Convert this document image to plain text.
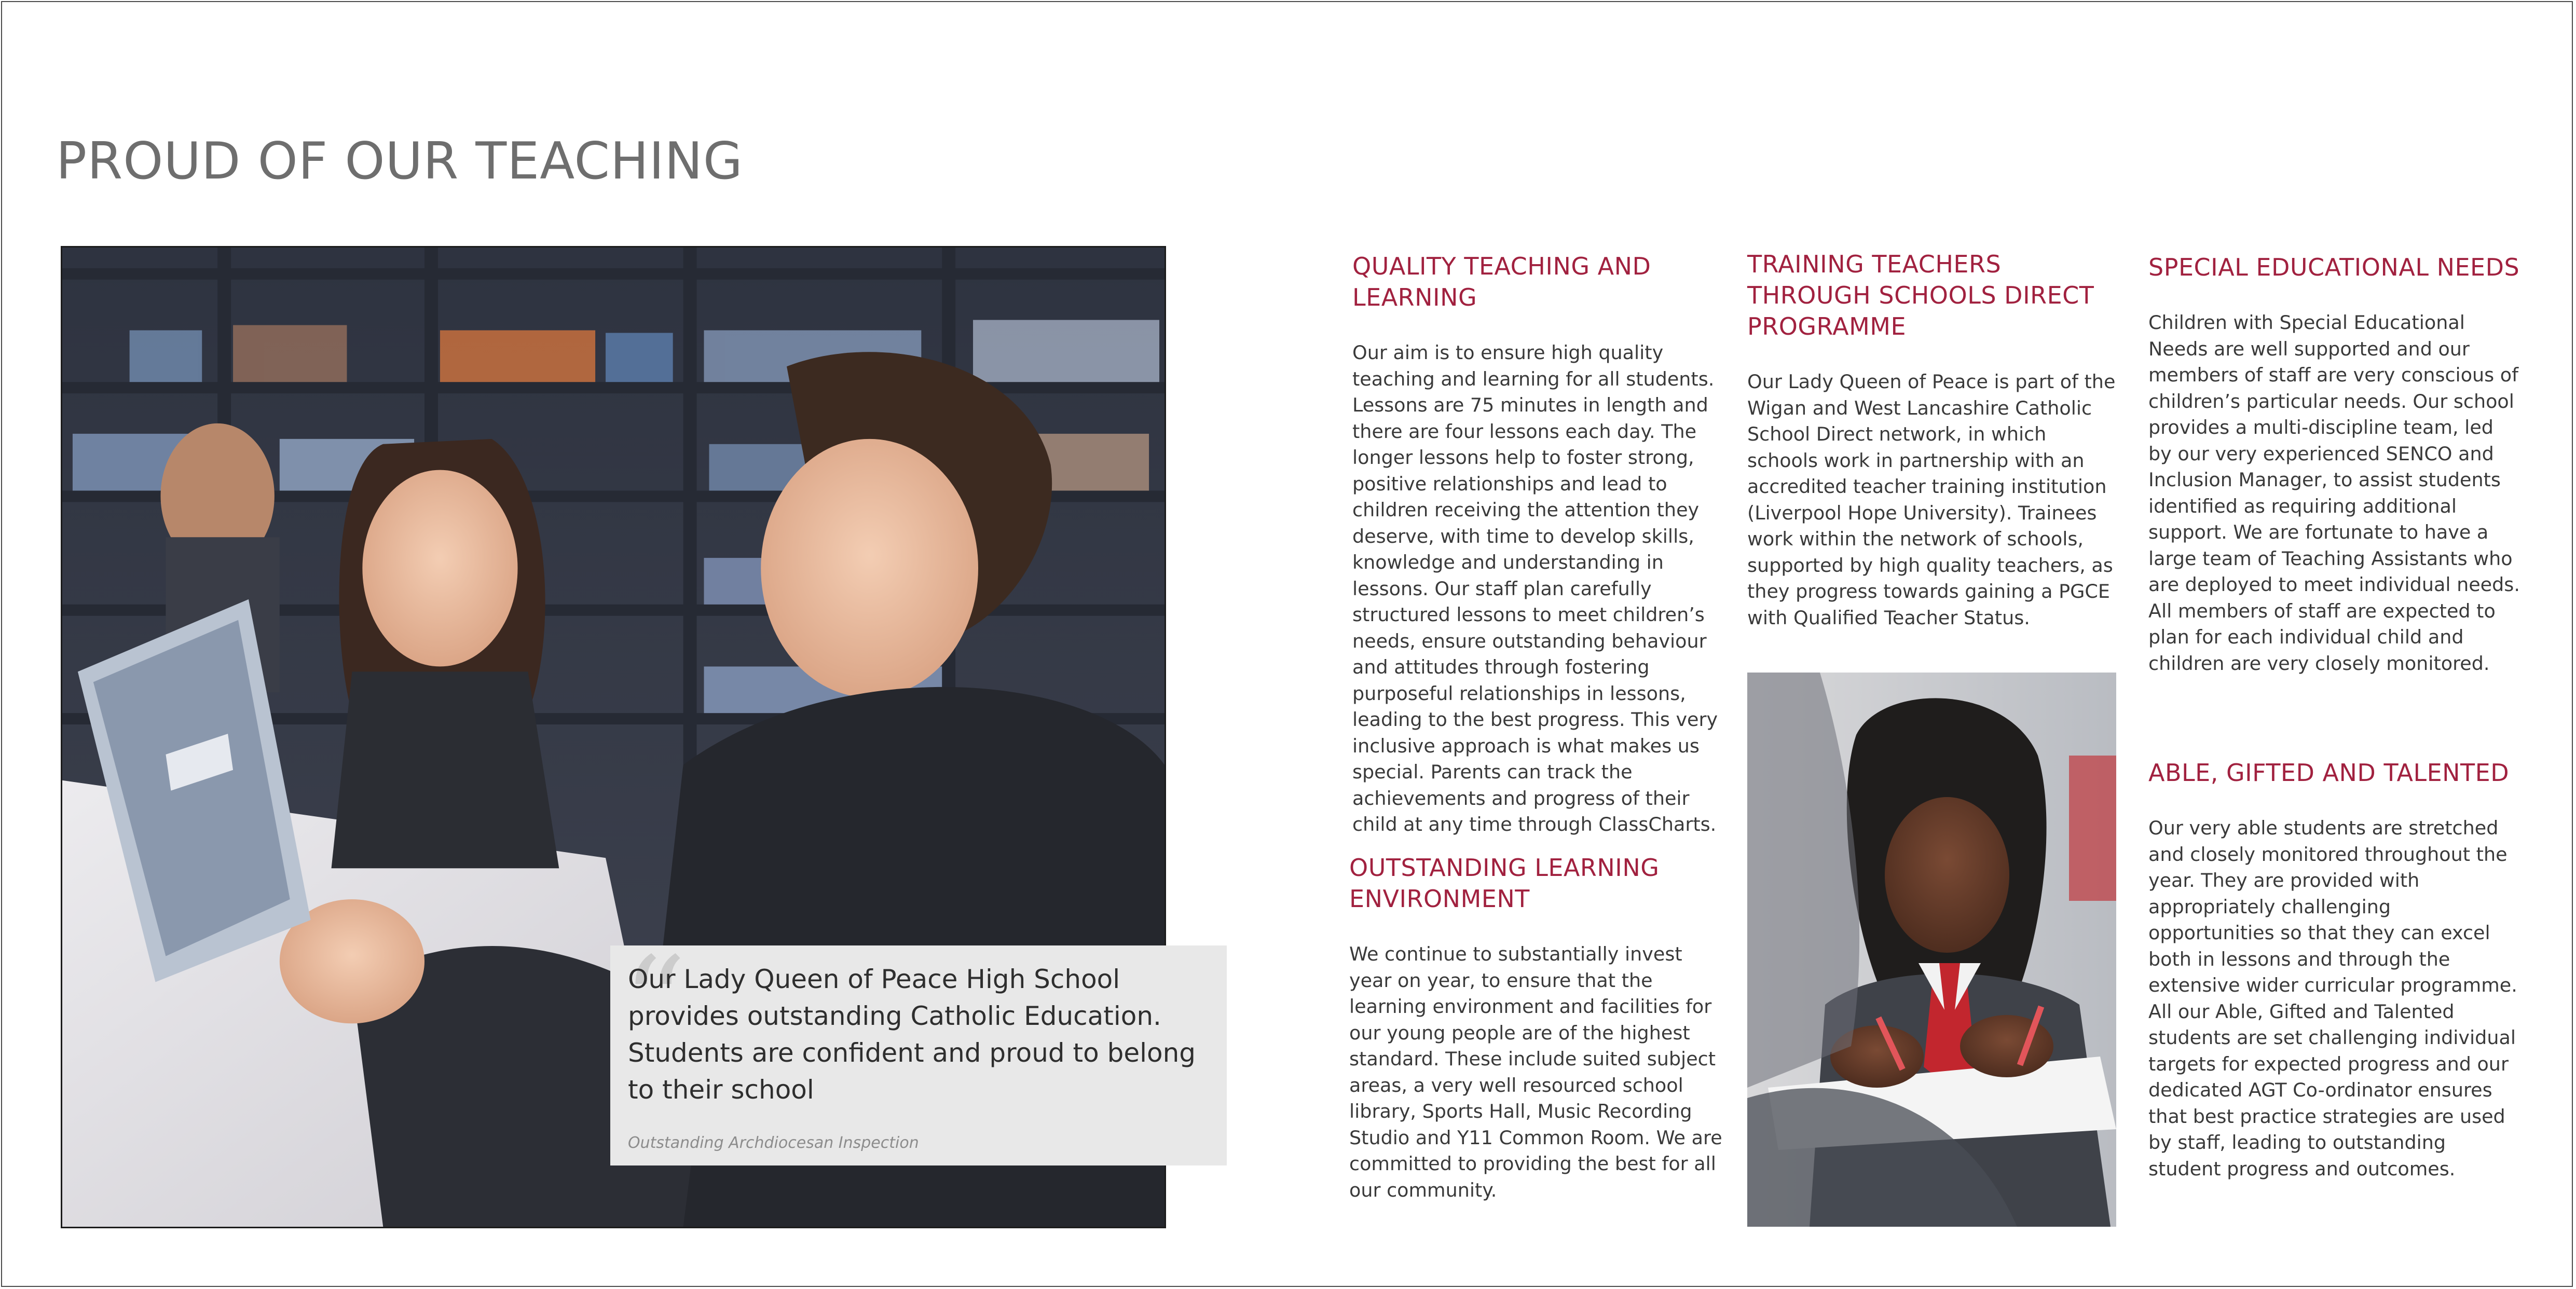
PROUD OF OUR TEACHING
“

Our Lady Queen of Peace High School provides outstanding Catholic Education. Students are confident and proud to belong to their school

Outstanding Archdiocesan Inspection

QUALITY TEACHING AND LEARNING

Our aim is to ensure high quality teaching and learning for all students. Lessons are 75 minutes in length and there are four lessons each day. The longer lessons help to foster strong, positive relationships and lead to children receiving the attention they deserve, with time to develop skills, knowledge and understanding in lessons. Our staff plan carefully structured lessons to meet children’s needs, ensure outstanding behaviour and attitudes through fostering purposeful relationships in lessons, leading to the best progress. This very inclusive approach is what makes us special. Parents can track the achievements and progress of their child at any time through ClassCharts.

OUTSTANDING LEARNING ENVIRONMENT

We continue to substantially invest year on year, to ensure that the learning environment and facilities for our young people are of the highest standard. These include suited subject areas, a very well resourced school library, Sports Hall, Music Recording Studio and Y11 Common Room. We are committed to providing the best for all our community.

TRAINING TEACHERS THROUGH SCHOOLS DIRECT PROGRAMME

Our Lady Queen of Peace is part of the Wigan and West Lancashire Catholic School Direct network, in which schools work in partnership with an accredited teacher training institution (Liverpool Hope University). Trainees work within the network of schools, supported by high quality teachers, as they progress towards gaining a PGCE with Qualified Teacher Status.

SPECIAL EDUCATIONAL NEEDS

Children with Special Educational Needs are well supported and our members of staff are very conscious of children’s particular needs. Our school provides a multi-discipline team, led by our very experienced SENCO and Inclusion Manager, to assist students identified as requiring additional support. We are fortunate to have a large team of Teaching Assistants who are deployed to meet individual needs. All members of staff are expected to plan for each individual child and children are very closely monitored.

ABLE, GIFTED AND TALENTED

Our very able students are stretched and closely monitored throughout the year. They are provided with appropriately challenging opportunities so that they can excel both in lessons and through the extensive wider curricular programme. All our Able, Gifted and Talented students are set challenging individual targets for expected progress and our dedicated AGT Co-ordinator ensures that best practice strategies are used by staff, leading to outstanding student progress and outcomes.
